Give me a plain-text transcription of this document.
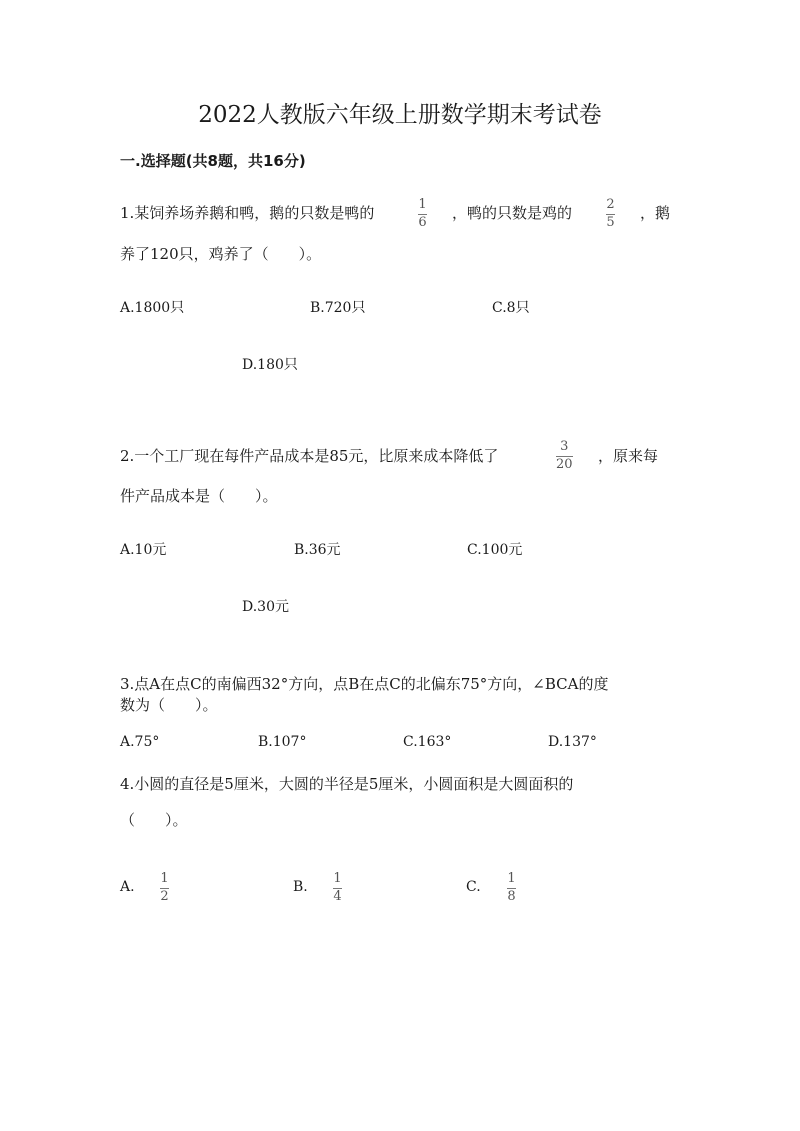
2022人教版六年级上册数学期末考试卷
一.选择题(共8题，共16分)
1.某饲养场养鹅和鸭，鹅的只数是鸭的	1
6
，鸭的只数是鸡的	2
5
，鹅
养了120只，鸡养了（　　）。
A.1800只	B.720只	C.8只
D.180只
2.一个工厂现在每件产品成本是85元，比原来成本降低了
3
20 ，原来每
件产品成本是（　　）。
A.10元	B.36元	C.100元
D.30元
3.点A在点C的南偏西32°方向，点B在点C的北偏东75°方向，∠BCA的度
数为（　　）。
A.75°	B.107°	C.163°	D.137°
4.小圆的直径是5厘米，大圆的半径是5厘米，小圆面积是大圆面积的
（　　）。
A.
1
2
B.
1
4
C.
1
8
